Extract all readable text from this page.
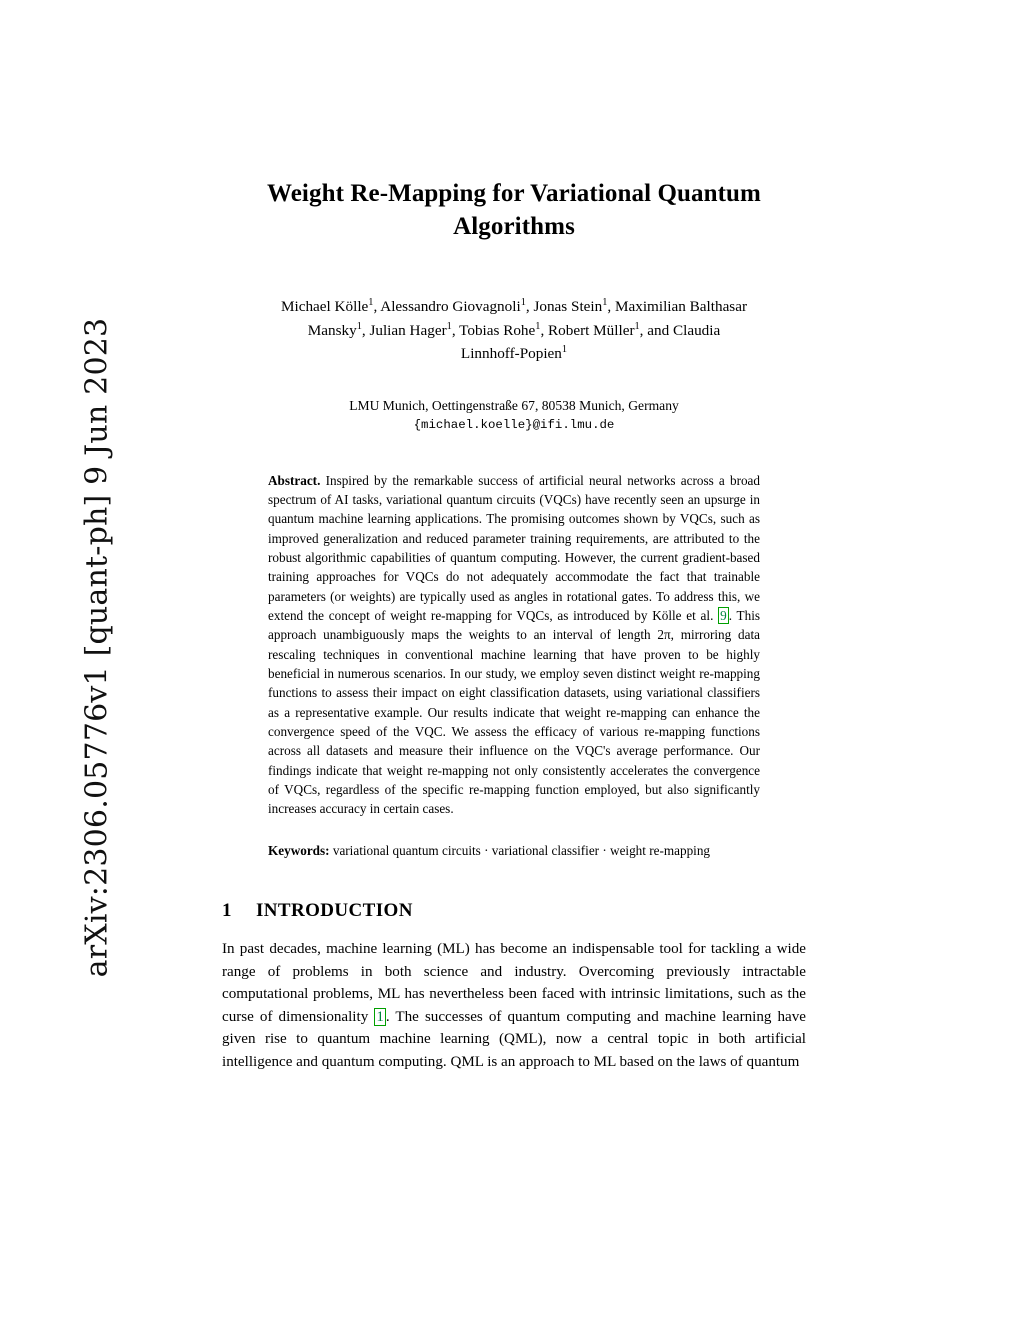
arXiv:2306.05776v1 [quant-ph] 9 Jun 2023
Weight Re-Mapping for Variational Quantum Algorithms
Michael Kölle$^1$, Alessandro Giovagnoli$^1$, Jonas Stein$^1$, Maximilian Balthasar
Mansky$^1$, Julian Hager$^1$, Tobias Rohe$^1$, Robert Müller$^1$, and Claudia
Linnhoff-Popien$^1$
LMU Munich, Oettingenstraße 67, 80538 Munich, Germany
{michael.koelle}@ifi.lmu.de
Abstract. Inspired by the remarkable success of artificial neural networks across a broad spectrum of AI tasks, variational quantum circuits (VQCs) have recently seen an upsurge in quantum machine learning applications. The promising outcomes shown by VQCs, such as improved generalization and reduced parameter training requirements, are attributed to the robust algorithmic capabilities of quantum computing. However, the current gradient-based training approaches for VQCs do not adequately accommodate the fact that trainable parameters (or weights) are typically used as angles in rotational gates. To address this, we extend the concept of weight re-mapping for VQCs, as introduced by Kölle et al. 9 . This approach unambiguously maps the weights to an interval of length 2π, mirroring data rescaling techniques in conventional machine learning that have proven to be highly beneficial in numerous scenarios. In our study, we employ seven distinct weight re-mapping functions to assess their impact on eight classification datasets, using variational classifiers as a representative example. Our results indicate that weight re-mapping can enhance the convergence speed of the VQC. We assess the efficacy of various re-mapping functions across all datasets and measure their influence on the VQC's average performance. Our findings indicate that weight re-mapping not only consistently accelerates the convergence of VQCs, regardless of the specific re-mapping function employed, but also significantly increases accuracy in certain cases.
Keywords: variational quantum circuits · variational classifier · weight re-mapping
1 INTRODUCTION
In past decades, machine learning (ML) has become an indispensable tool for tackling a wide range of problems in both science and industry. Overcoming previously intractable computational problems, ML has nevertheless been faced with intrinsic limitations, such as the curse of dimensionality 1 . The successes of quantum computing and machine learning have given rise to quantum machine learning (QML), now a central topic in both artificial intelligence and quantum computing. QML is an approach to ML based on the laws of quantum
